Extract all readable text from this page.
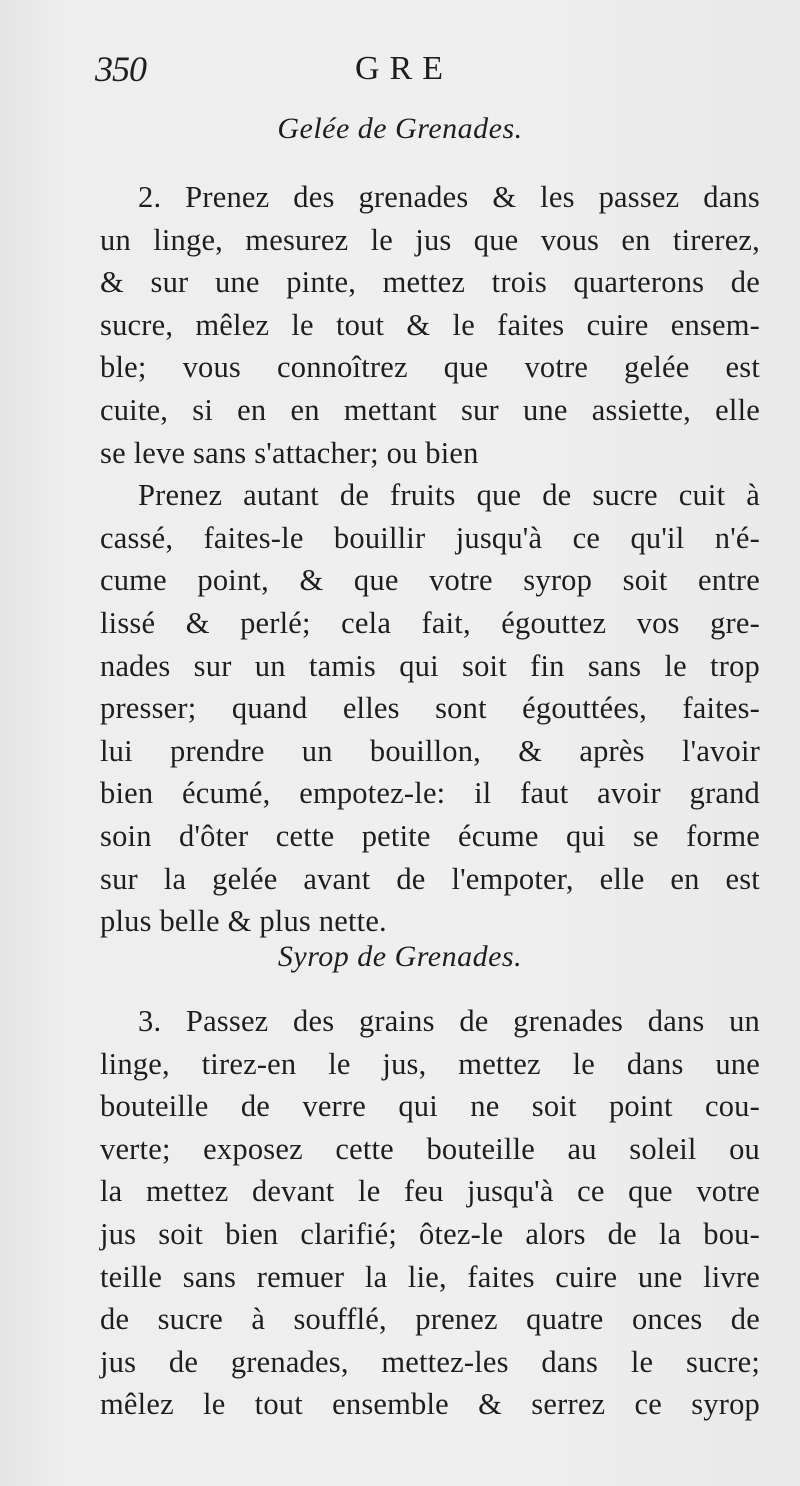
350	GRE
Gelée de Grenades.
2. Prenez des grenades & les passez dans
un linge, mesurez le jus que vous en tirerez,
& sur une pinte, mettez trois quarterons de
sucre, mêlez le tout & le faites cuire ensem-
ble; vous connoîtrez que votre gelée est
cuite, si en en mettant sur une assiette, elle
se leve sans s'attacher; ou bien
Prenez autant de fruits que de sucre cuit à
cassé, faites-le bouillir jusqu'à ce qu'il n'é-
cume point, & que votre syrop soit entre
lissé & perlé; cela fait, égouttez vos gre-
nades sur un tamis qui soit fin sans le trop
presser; quand elles sont égouttées, faites-
lui prendre un bouillon, & après l'avoir
bien écumé, empotez-le: il faut avoir grand
soin d'ôter cette petite écume qui se forme
sur la gelée avant de l'empoter, elle en est
plus belle & plus nette.
Syrop de Grenades.
3. Passez des grains de grenades dans un
linge, tirez-en le jus, mettez le dans une
bouteille de verre qui ne soit point cou-
verte; exposez cette bouteille au soleil ou
la mettez devant le feu jusqu'à ce que votre
jus soit bien clarifié; ôtez-le alors de la bou-
teille sans remuer la lie, faites cuire une livre
de sucre à soufflé, prenez quatre onces de
jus de grenades, mettez-les dans le sucre;
mêlez le tout ensemble & serrez ce syrop
